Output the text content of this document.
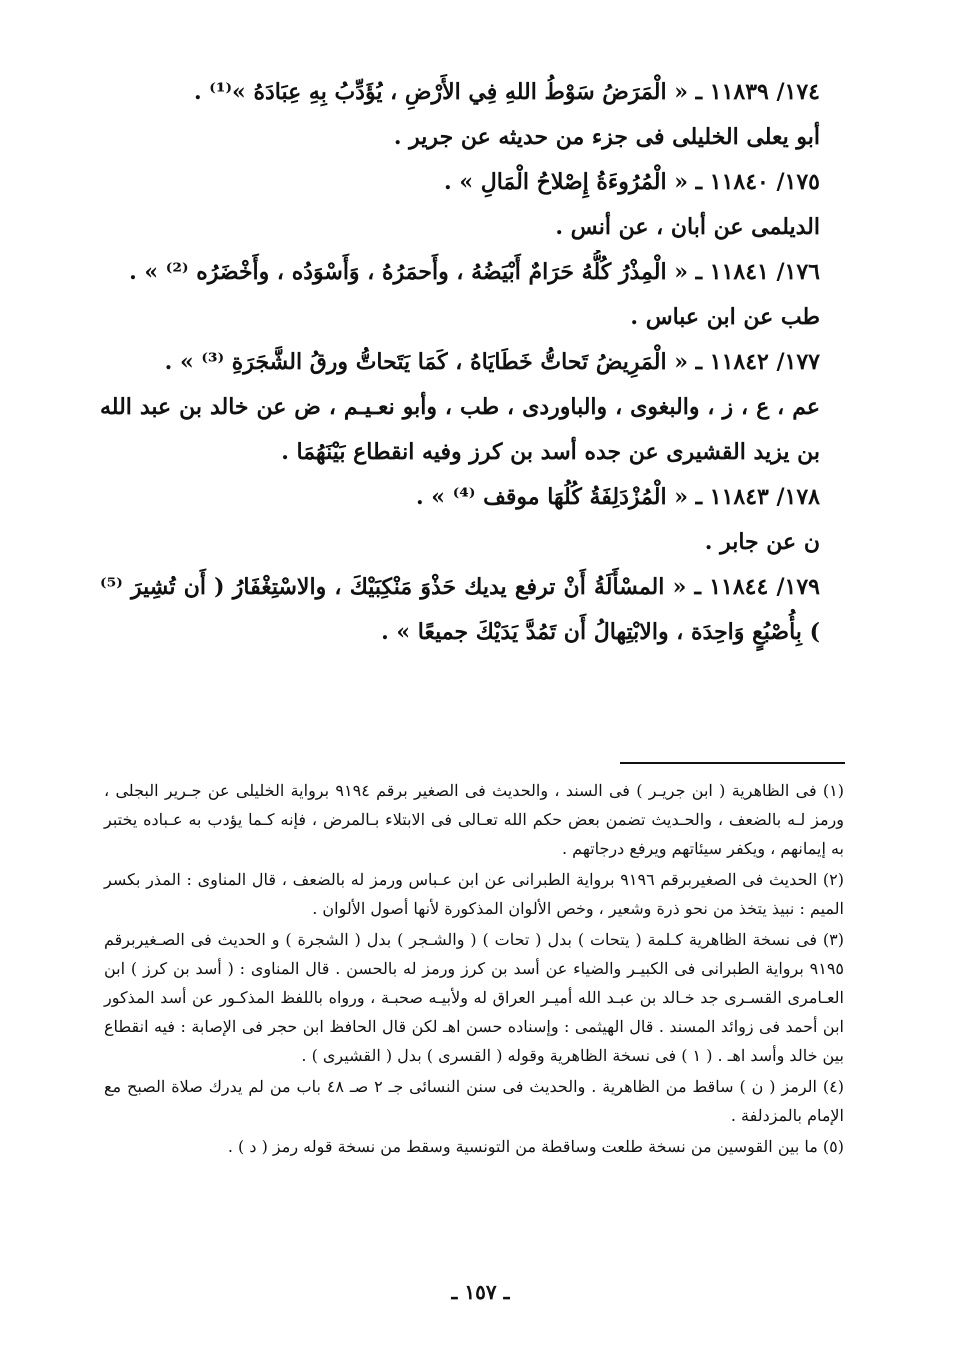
١٧٤/ ١١٨٣٩ ـ « الْمَرَضُ سَوْطُ اللهِ فِي الأَرْضِ ، يُؤَدِّبُ بِهِ عِبَادَهُ »⁽¹⁾ .
أبو يعلى الخليلى فى جزء من حديثه عن جرير .
١٧٥/ ١١٨٤٠ ـ « الْمُرُوءَةُ إِصْلاحُ الْمَالِ » .
الديلمى عن أبان ، عن أنس .
١٧٦/ ١١٨٤١ ـ « الْمِذْرُ كُلُّهُ حَرَامٌ أَبْيَضُهُ ، وأَحمَرُهُ ، وَأَسْوَدُه ، وأَخْضَرُه ⁽²⁾ » .
طب عن ابن عباس .
١٧٧/ ١١٨٤٢ ـ « الْمَرِيضُ تَحاتُّ خَطَايَاهُ ، كَمَا يَتَحاتُّ ورقُ الشَّجَرَةِ ⁽³⁾ » .
عم ، ع ، ز ، والبغوى ، والباوردى ، طب ، وأبو نعـيـم ، ض عن خالد بن عبد الله بن يزيد القشيرى عن جده أسد بن كرز وفيه انقطاع بَيْنَهُمَا .
١٧٨/ ١١٨٤٣ ـ « الْمُزْدَلِفَةُ كُلُهَا موقف ⁽⁴⁾ » .
ن عن جابر .
١٧٩/ ١١٨٤٤ ـ « المسْأَلَةُ أَنْ ترفع يديك حَذْوَ مَنْكِبَيْكَ ، والاسْتِغْفَارُ ( أَن تُشِيرَ ⁽⁵⁾ ) بِأُصْبُعٍ وَاحِدَة ، والابْتِهالُ أَن تَمُدَّ يَدَيْكَ جميعًا » .
(١) فى الظاهرية ( ابن جريـر ) فى السند ، والحديث فى الصغير برقم ٩١٩٤ برواية الخليلى عن جـرير البجلى ، ورمز لـه بالضعف ، والحـديث تضمن بعض حكم الله تعـالى فى الابتلاء بـالمرض ، فإنه كـما يؤدب به عـباده يختبر به إيمانهم ، ويكفر سيئاتهم ويرفع درجاتهم .
(٢) الحديث فى الصغيربرقم ٩١٩٦ برواية الطبرانى عن ابن عـباس ورمز له بالضعف ، قال المناوى : المذر بكسر الميم : نبيذ يتخذ من نحو ذرة وشعير ، وخص الألوان المذكورة لأنها أصول الألوان .
(٣) فى نسخة الظاهرية كـلمة ( يتحات ) بدل ( تحات ) ( والشـجر ) بدل ( الشجرة ) و الحديث فى الصـغيربرقم ٩١٩٥ برواية الطبرانى فى الكبيـر والضياء عن أسد بن كرز ورمز له بالحسن . قال المناوى : ( أسد بن كرز ) ابن العـامرى القسـرى جد خـالد بن عبـد الله أميـر العراق له ولأبيـه صحبـة ، ورواه باللفظ المذكـور عن أسد المذكور ابن أحمد فى زوائد المسند . قال الهيثمى : وإسناده حسن اهـ لكن قال الحافظ ابن حجر فى الإصابة : فيه انقطاع بين خالد وأسد اهـ . ( ١ ) فى نسخة الظاهرية وقوله ( القسرى ) بدل ( القشيرى ) .
(٤) الرمز ( ن ) ساقط من الظاهرية . والحديث فى سنن النسائى جـ ٢ صـ ٤٨ باب من لم يدرك صلاة الصبح مع الإمام بالمزدلفة .
(٥) ما بين القوسين من نسخة طلعت وساقطة من التونسية وسقط من نسخة قوله رمز ( د ) .
ـ ١٥٧ ـ
